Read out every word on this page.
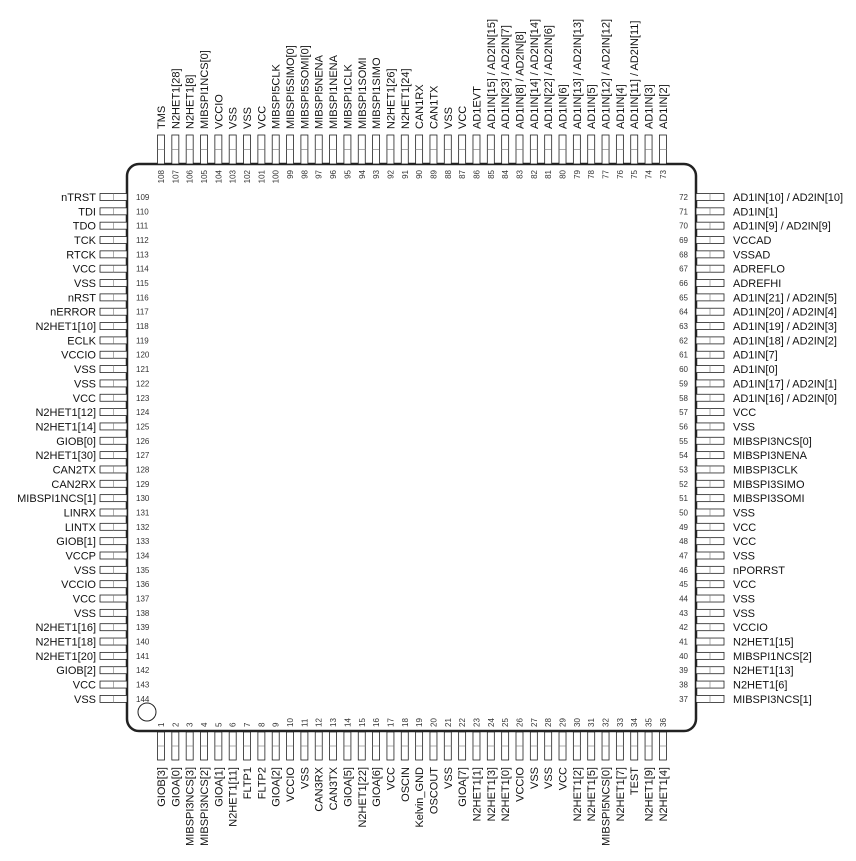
nTRST	109
TDI	110
TDO	111
TCK	112
RTCK	113
VCC	114
VSS	115
nRST	116
nERROR	117
N2HET1[10]	118
ECLK	119
VCCIO	120
VSS	121
VSS	122
VCC	123
N2HET1[12]	124
N2HET1[14]	125
GIOB[0]	126
N2HET1[30]	127
CAN2TX	128
CAN2RX	129
MIBSPI1NCS[1]	130
LINRX	131
LINTX	132
GIOB[1]	133
VCCP	134
VSS	135
VCCIO	136
VCC	137
VSS	138
N2HET1[16]	139
N2HET1[18]	140
N2HET1[20]	141
GIOB[2]	142
VCC	143
VSS	144
AD1IN[10] / AD2IN[10]
72
AD1IN[1]
71
AD1IN[9] / AD2IN[9]
70
VCCAD
69
VSSAD
68
ADREFLO
67
ADREFHI
66
AD1IN[21] / AD2IN[5]
65
AD1IN[20] / AD2IN[4]
64
AD1IN[19] / AD2IN[3]
63
AD1IN[18] / AD2IN[2]
62
AD1IN[7]
61
AD1IN[0]
60
AD1IN[17] / AD2IN[1]
59
AD1IN[16] / AD2IN[0]
58
VCC
57
VSS
56
MIBSPI3NCS[0]
55
MIBSPI3NENA
54
MIBSPI3CLK
53
MIBSPI3SIMO
52
MIBSPI3SOMI
51
VSS
50
VCC
49
VCC
48
VSS
47
nPORRST
46
VCC
45
VSS
44
VSS
43
VCCIO
42
N2HET1[15]
41
MIBSPI1NCS[2]
40
N2HET1[13]
39
N2HET1[6]
38
MIBSPI3NCS[1]
37
TMS
108
N2HET1[28]
107
N2HET1[8]
106
MIBSPI1NCS[0]
105
VCCIO
104
VSS
103
VSS
102
VCC
101
MIBSPI5CLK
100
MIBSPI5SIMO[0]
99
MIBSPI5SOMI[0]
98
MIBSPI5NENA
97
MIBSPI1NENA
96
MIBSPI1CLK
95
MIBSPI1SOMI
94
MIBSPI1SIMO
93
N2HET1[26]
92
N2HET1[24]
91
CAN1RX
90
CAN1TX
89
VSS
88
VCC
87
AD1EVT
86
AD1IN[15] / AD2IN[15]
85
AD1IN[23] / AD2IN[7]
84
AD1IN[8] / AD2IN[8]
83
AD1IN[14] / AD2IN[14]
82
AD1IN[22] / AD2IN[6]
81
AD1IN[6]
80
AD1IN[13] / AD2IN[13]
79
AD1IN[5]
78
AD1IN[12] / AD2IN[12]
77
AD1IN[4]
76
AD1IN[11] / AD2IN[11]
75
AD1IN[3]
74
AD1IN[2]
73
GIOB[3]
1
GIOA[0]
2
MIBSPI3NCS[3]
3
MIBSPI3NCS[2]
4
GIOA[1]
5
N2HET1[11]
6
FLTP1
7
FLTP2
8
GIOA[2]
9
VCCIO
10
VSS
11
CAN3RX
12
CAN3TX
13
GIOA[5]
14
N2HET1[22]
15
GIOA[6]
16
VCC
17
OSCIN
18
Kelvin_GND
19
OSCOUT
20
VSS
21
GIOA[7]
22
N2HET1[1]
23
N2HET1[3]
24
N2HET1[0]
25
VCCIO
26
VSS
27
VSS
28
VCC
29
N2HET1[2]
30
N2HET1[5]
31
MIBSPI5NCS[0]
32
N2HET1[7]
33
TEST
34
N2HET1[9]
35
N2HET1[4]
36
